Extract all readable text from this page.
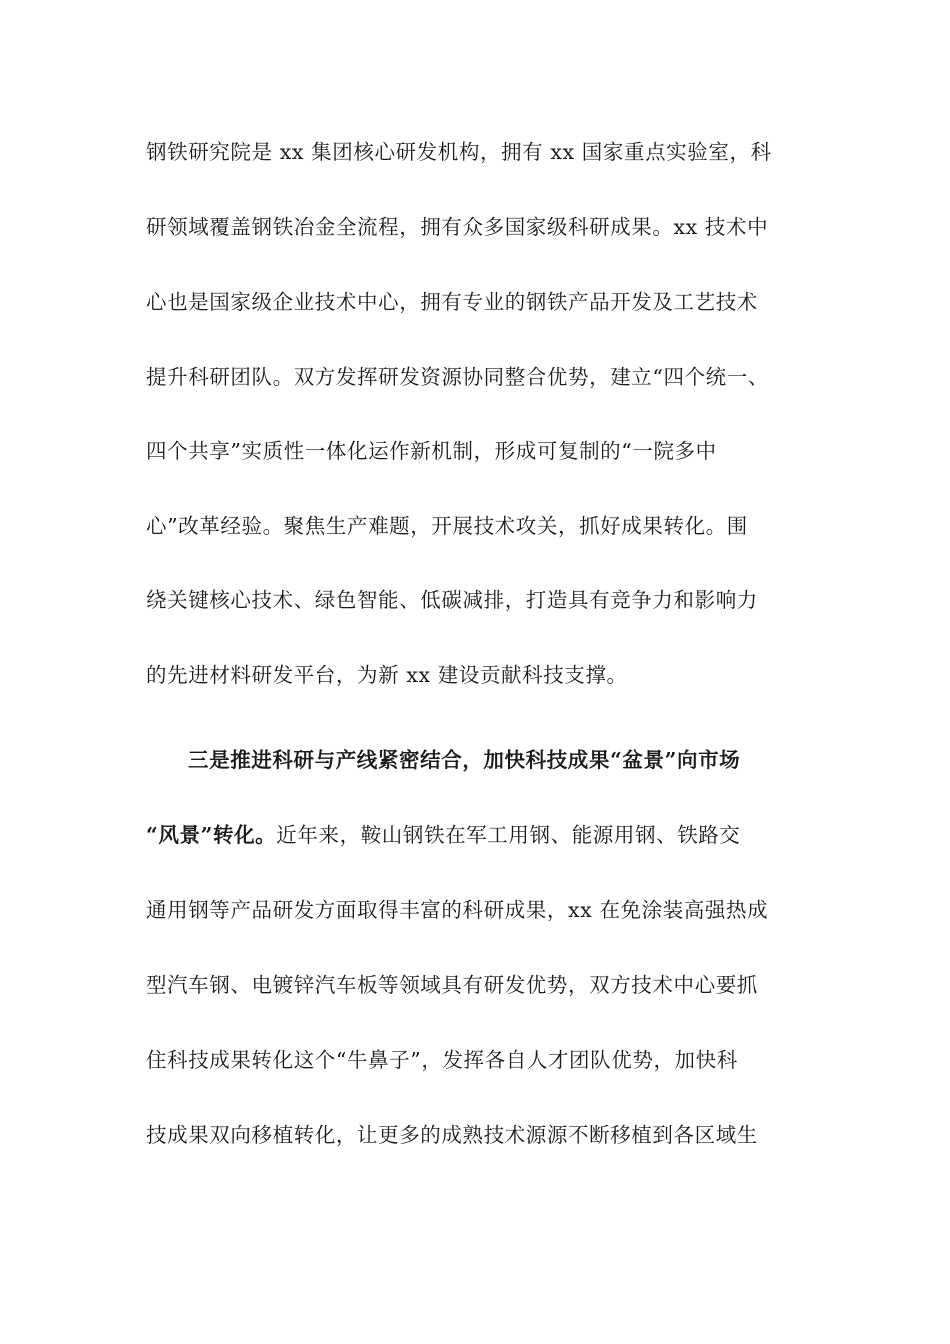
钢铁研究院是 xx 集团核心研发机构，拥有 xx 国家重点实验室，科
研领域覆盖钢铁冶金全流程，拥有众多国家级科研成果。xx 技术中
心也是国家级企业技术中心，拥有专业的钢铁产品开发及工艺技术
提升科研团队。双方发挥研发资源协同整合优势，建立“四个统一、
四个共享”实质性一体化运作新机制，形成可复制的“一院多中
心”改革经验。聚焦生产难题，开展技术攻关，抓好成果转化。围
绕关键核心技术、绿色智能、低碳减排，打造具有竞争力和影响力
的先进材料研发平台，为新 xx 建设贡献科技支撑。
三是推进科研与产线紧密结合，加快科技成果“盆景”向市场
“风景”转化。近年来，鞍山钢铁在军工用钢、能源用钢、铁路交
通用钢等产品研发方面取得丰富的科研成果，xx 在免涂装高强热成
型汽车钢、电镀锌汽车板等领域具有研发优势，双方技术中心要抓
住科技成果转化这个“牛鼻子”，发挥各自人才团队优势，加快科
技成果双向移植转化，让更多的成熟技术源源不断移植到各区域生
